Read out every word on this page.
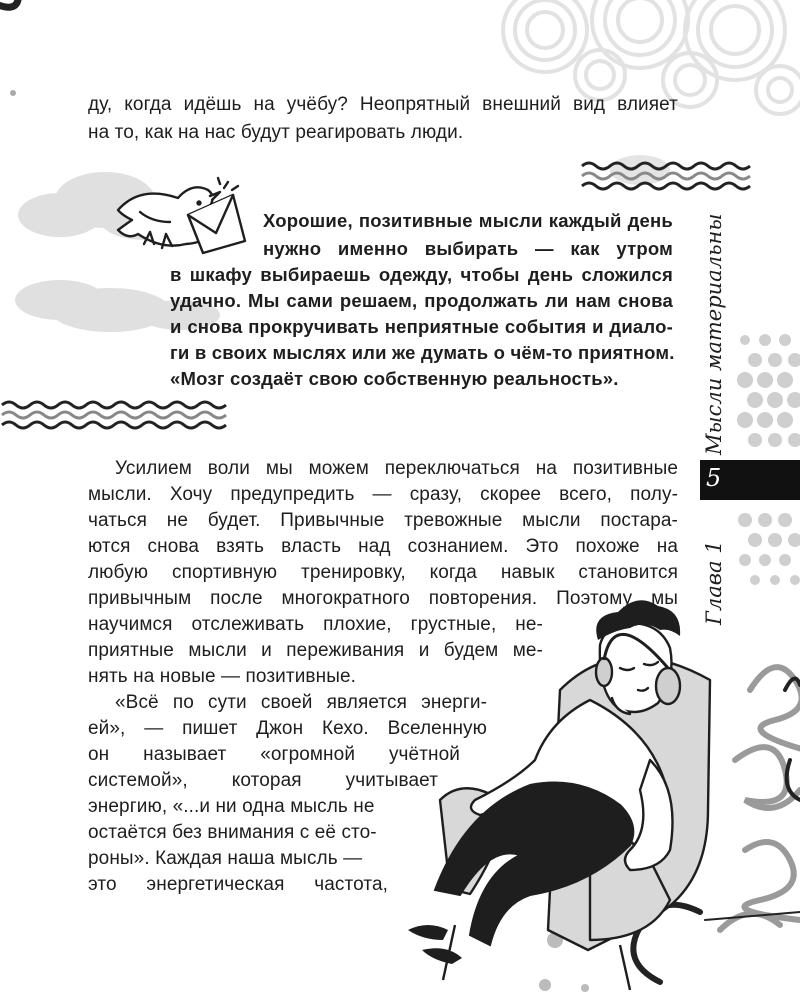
5
Глава 1
Мысли материальны
ду, когда идёшь на учёбу? Неопрятный внешний вид влияет
на то, как на нас будут реагировать люди.
Хорошие, позитивные мысли каждый день
нужно именно выбирать — как утром
в шкафу выбираешь одежду, чтобы день сложился
удачно. Мы сами решаем, продолжать ли нам снова
и снова прокручивать неприятные события и диало-
ги в своих мыслях или же думать о чём-то приятном.
«Мозг создаёт свою собственную реальность».
Усилием воли мы можем переключаться на позитивные
мысли. Хочу предупредить — сразу, скорее всего, полу-
чаться не будет. Привычные тревожные мысли постара-
ются снова взять власть над сознанием. Это похоже на
любую спортивную тренировку, когда навык становится
привычным после многократного повторения. Поэтому мы
научимся отслеживать плохие, грустные, не-
приятные мысли и переживания и будем ме-
нять на новые — позитивные.
«Всё по сути своей является энерги-
ей», — пишет Джон Кехо. Вселенную
он называет «огромной учётной
системой», которая учитывает
энергию, «...и ни одна мысль не
остаётся без внимания с её сто-
роны». Каждая наша мысль —
это энергетическая частота,
